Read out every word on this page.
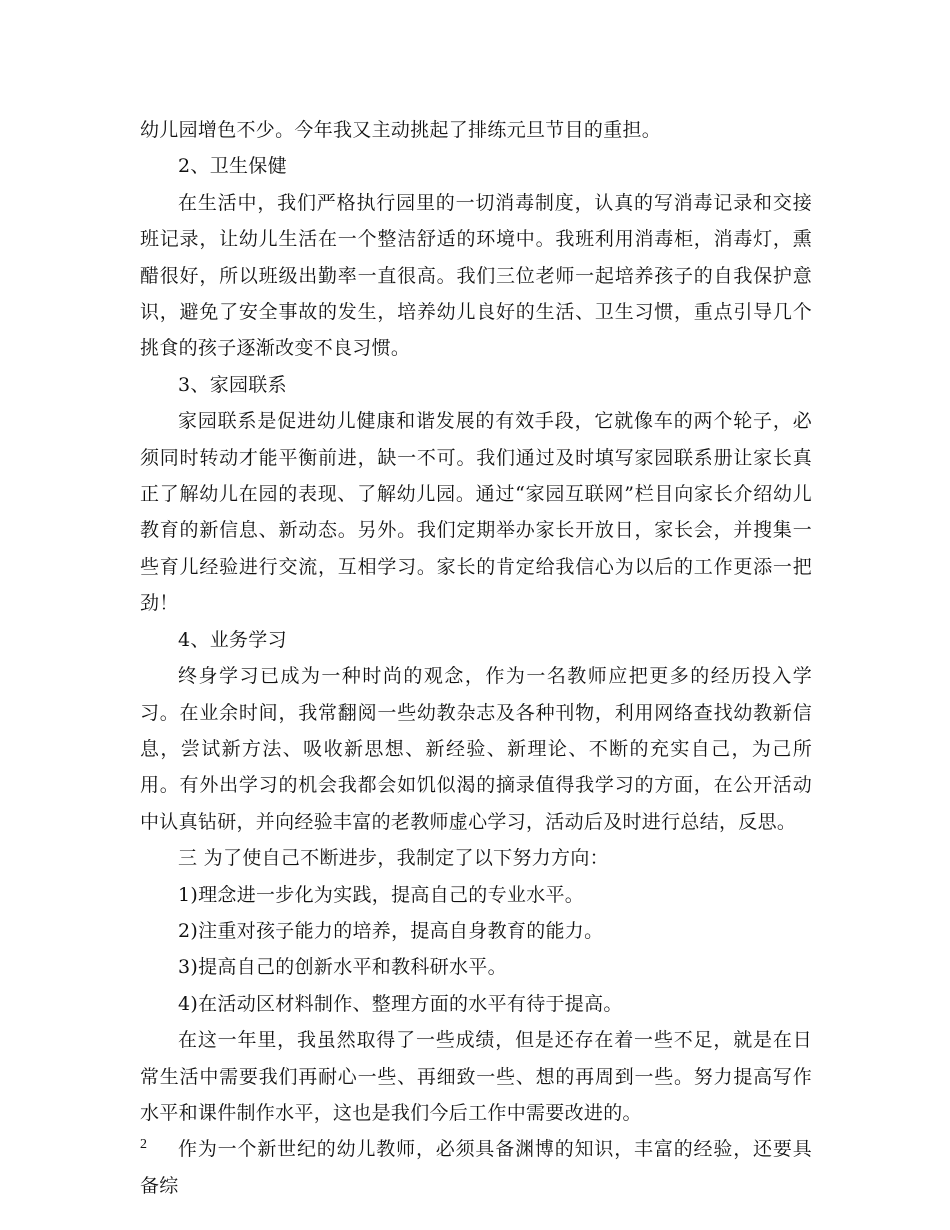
幼儿园增色不少。今年我又主动挑起了排练元旦节目的重担。

2、卫生保健

在生活中，我们严格执行园里的一切消毒制度，认真的写消毒记录和交接班记录，让幼儿生活在一个整洁舒适的环境中。我班利用消毒柜，消毒灯，熏醋很好，所以班级出勤率一直很高。我们三位老师一起培养孩子的自我保护意识，避免了安全事故的发生，培养幼儿良好的生活、卫生习惯，重点引导几个挑食的孩子逐渐改变不良习惯。

3、家园联系

家园联系是促进幼儿健康和谐发展的有效手段，它就像车的两个轮子，必须同时转动才能平衡前进，缺一不可。我们通过及时填写家园联系册让家长真正了解幼儿在园的表现、了解幼儿园。通过“家园互联网”栏目向家长介绍幼儿教育的新信息、新动态。另外。我们定期举办家长开放日，家长会，并搜集一些育儿经验进行交流，互相学习。家长的肯定给我信心为以后的工作更添一把劲！

4、业务学习

终身学习已成为一种时尚的观念，作为一名教师应把更多的经历投入学习。在业余时间，我常翻阅一些幼教杂志及各种刊物，利用网络查找幼教新信息，尝试新方法、吸收新思想、新经验、新理论、不断的充实自己，为己所用。有外出学习的机会我都会如饥似渴的摘录值得我学习的方面，在公开活动中认真钻研，并向经验丰富的老教师虚心学习，活动后及时进行总结，反思。

三 为了使自己不断进步，我制定了以下努力方向：

1)理念进一步化为实践，提高自己的专业水平。

2)注重对孩子能力的培养，提高自身教育的能力。

3)提高自己的创新水平和教科研水平。

4)在活动区材料制作、整理方面的水平有待于提高。

在这一年里，我虽然取得了一些成绩，但是还存在着一些不足，就是在日常生活中需要我们再耐心一些、再细致一些、想的再周到一些。努力提高写作水平和课件制作水平，这也是我们今后工作中需要改进的。

作为一个新世纪的幼儿教师，必须具备渊博的知识，丰富的经验，还要具备综

2
